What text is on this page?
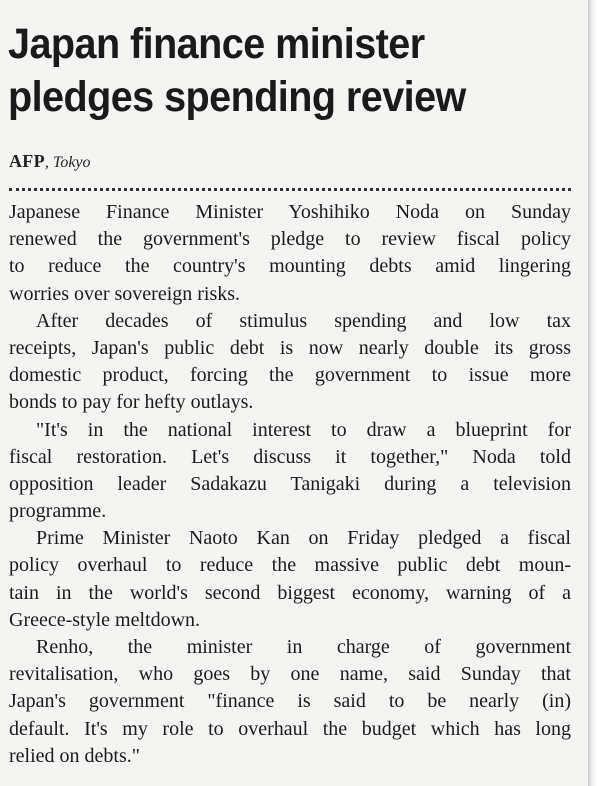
Japan finance minister
pledges spending review
AFP, Tokyo
Japanese Finance Minister Yoshihiko Noda on Sunday
renewed the government's pledge to review fiscal policy
to reduce the country's mounting debts amid lingering
worries over sovereign risks.
After decades of stimulus spending and low tax
receipts, Japan's public debt is now nearly double its gross
domestic product, forcing the government to issue more
bonds to pay for hefty outlays.
"It's in the national interest to draw a blueprint for
fiscal restoration. Let's discuss it together," Noda told
opposition leader Sadakazu Tanigaki during a television
programme.
Prime Minister Naoto Kan on Friday pledged a fiscal
policy overhaul to reduce the massive public debt moun-
tain in the world's second biggest economy, warning of a
Greece-style meltdown.
Renho, the minister in charge of government
revitalisation, who goes by one name, said Sunday that
Japan's government "finance is said to be nearly (in)
default. It's my role to overhaul the budget which has long
relied on debts."
